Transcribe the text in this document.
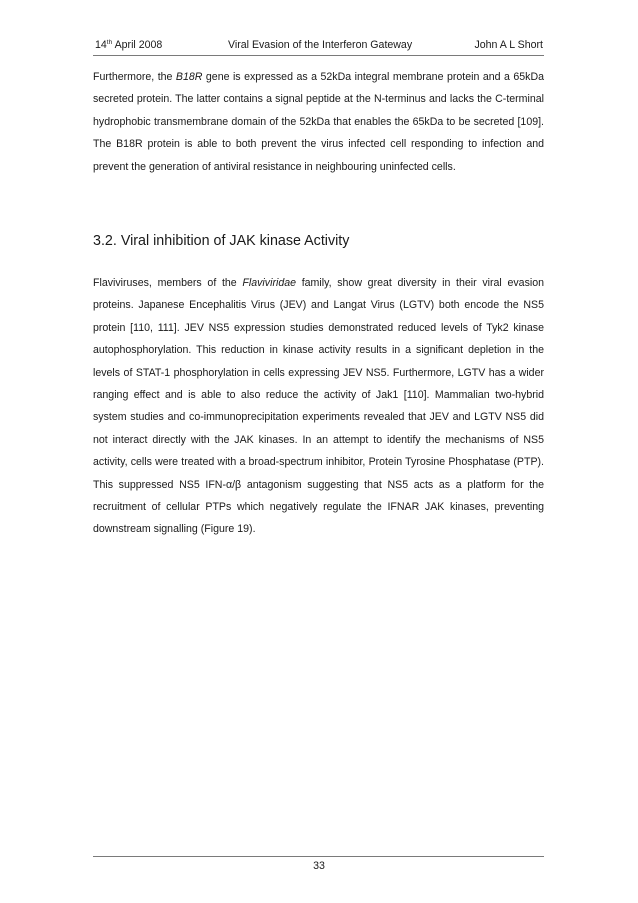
14th April 2008	Viral Evasion of the Interferon Gateway	John A L Short

Furthermore, the B18R gene is expressed as a 52kDa integral membrane protein and a 65kDa secreted protein. The latter contains a signal peptide at the N-terminus and lacks the C-terminal hydrophobic transmembrane domain of the 52kDa that enables the 65kDa to be secreted [109]. The B18R protein is able to both prevent the virus infected cell responding to infection and prevent the generation of antiviral resistance in neighbouring uninfected cells.

3.2. Viral inhibition of JAK kinase Activity

Flaviviruses, members of the Flaviviridae family, show great diversity in their viral evasion proteins. Japanese Encephalitis Virus (JEV) and Langat Virus (LGTV) both encode the NS5 protein [110, 111]. JEV NS5 expression studies demonstrated reduced levels of Tyk2 kinase autophosphorylation. This reduction in kinase activity results in a significant depletion in the levels of STAT-1 phosphorylation in cells expressing JEV NS5. Furthermore, LGTV has a wider ranging effect and is able to also reduce the activity of Jak1 [110]. Mammalian two-hybrid system studies and co-immunoprecipitation experiments revealed that JEV and LGTV NS5 did not interact directly with the JAK kinases. In an attempt to identify the mechanisms of NS5 activity, cells were treated with a broad-spectrum inhibitor, Protein Tyrosine Phosphatase (PTP). This suppressed NS5 IFN-α/β antagonism suggesting that NS5 acts as a platform for the recruitment of cellular PTPs which negatively regulate the IFNAR JAK kinases, preventing downstream signalling (Figure 19).

33
